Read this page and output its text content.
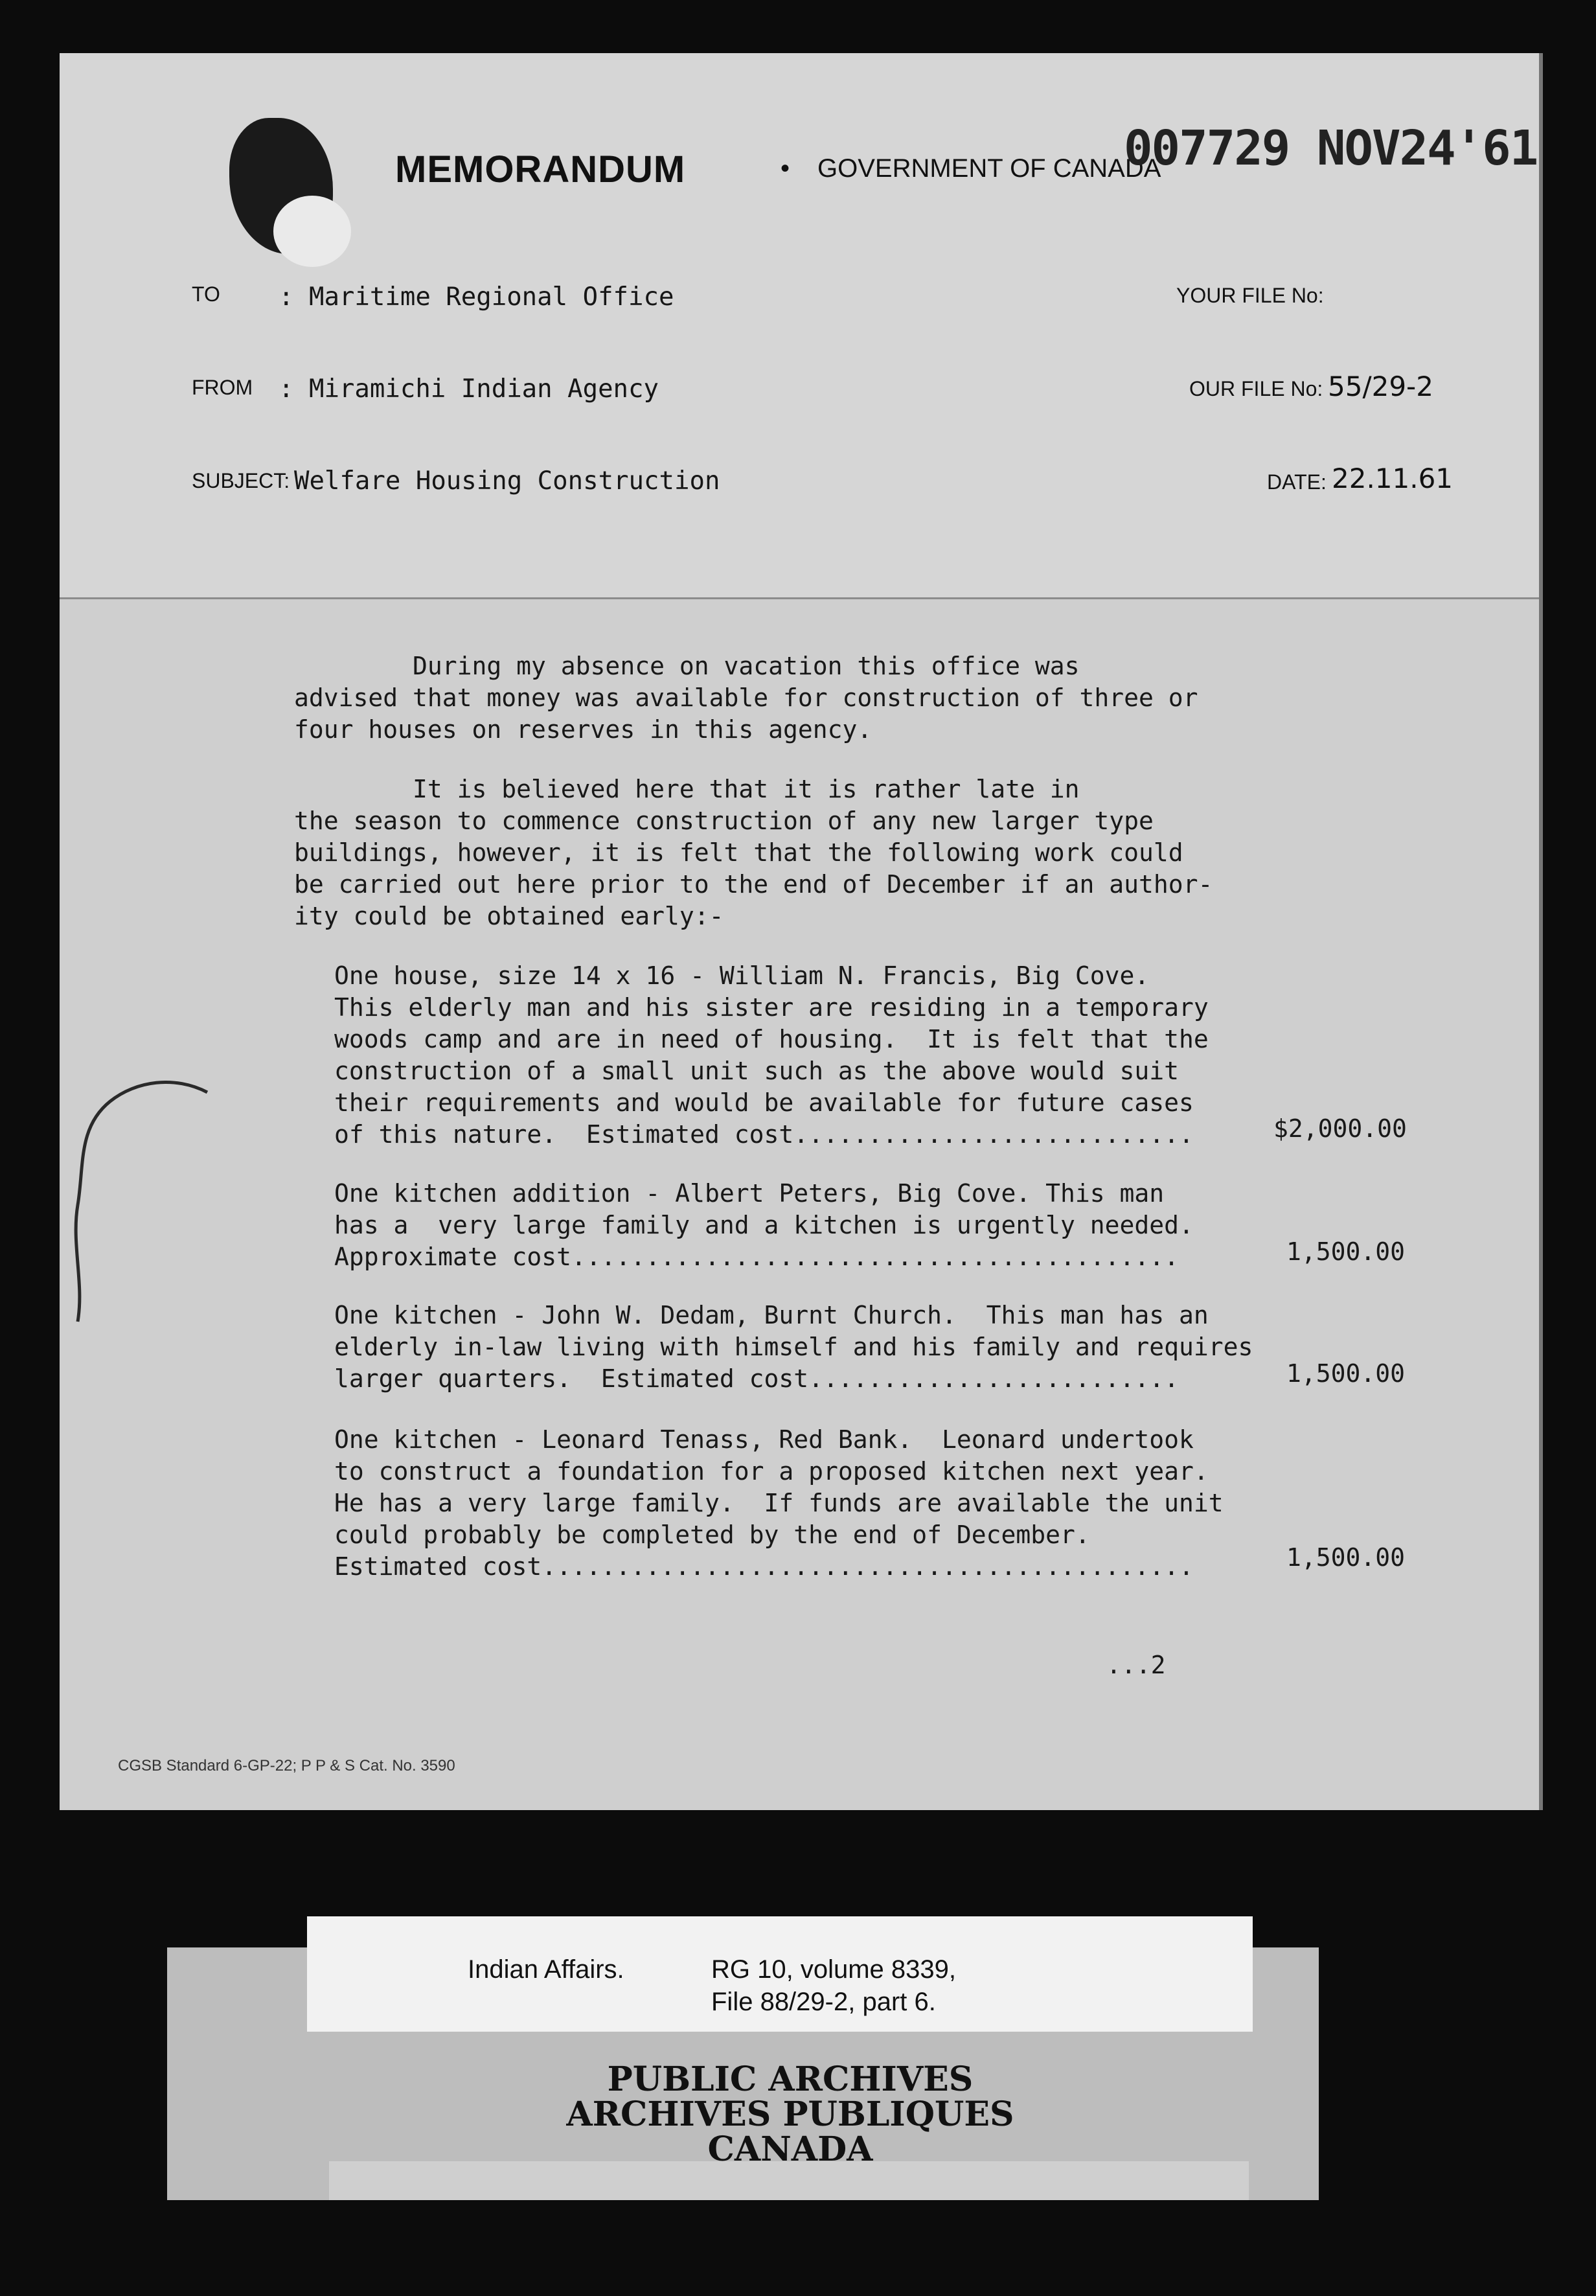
MEMORANDUM	• GOVERNMENT OF CANADA
007729 NOV24'61
TO : Maritime Regional Office	YOUR FILE No:
FROM : Miramichi Indian Agency	OUR FILE No: 55/29-2
SUBJECT: Welfare Housing Construction	DATE: 22.11.61
During my absence on vacation this office was
advised that money was available for construction of three or
four houses on reserves in this agency.
It is believed here that it is rather late in
the season to commence construction of any new larger type
buildings, however, it is felt that the following work could
be carried out here prior to the end of December if an author-
ity could be obtained early:-
One house, size 14 x 16 - William N. Francis, Big Cove.
This elderly man and his sister are residing in a temporary
woods camp and are in need of housing.  It is felt that the
construction of a small unit such as the above would suit
their requirements and would be available for future cases
of this nature.  Estimated cost...........................	$2,000.00
One kitchen addition - Albert Peters, Big Cove. This man
has a  very large family and a kitchen is urgently needed.
Approximate cost.........................................	1,500.00
One kitchen - John W. Dedam, Burnt Church.  This man has an
elderly in-law living with himself and his family and requires
larger quarters.  Estimated cost.........................	1,500.00
One kitchen - Leonard Tenass, Red Bank.  Leonard undertook
to construct a foundation for a proposed kitchen next year.
He has a very large family.  If funds are available the unit
could probably be completed by the end of December.
Estimated cost............................................	1,500.00
...2
CGSB Standard 6-GP-22; P P & S Cat. No. 3590
Indian Affairs.	RG 10, volume 8339,
File 88/29-2, part 6.
PUBLIC ARCHIVES
ARCHIVES PUBLIQUES
CANADA
